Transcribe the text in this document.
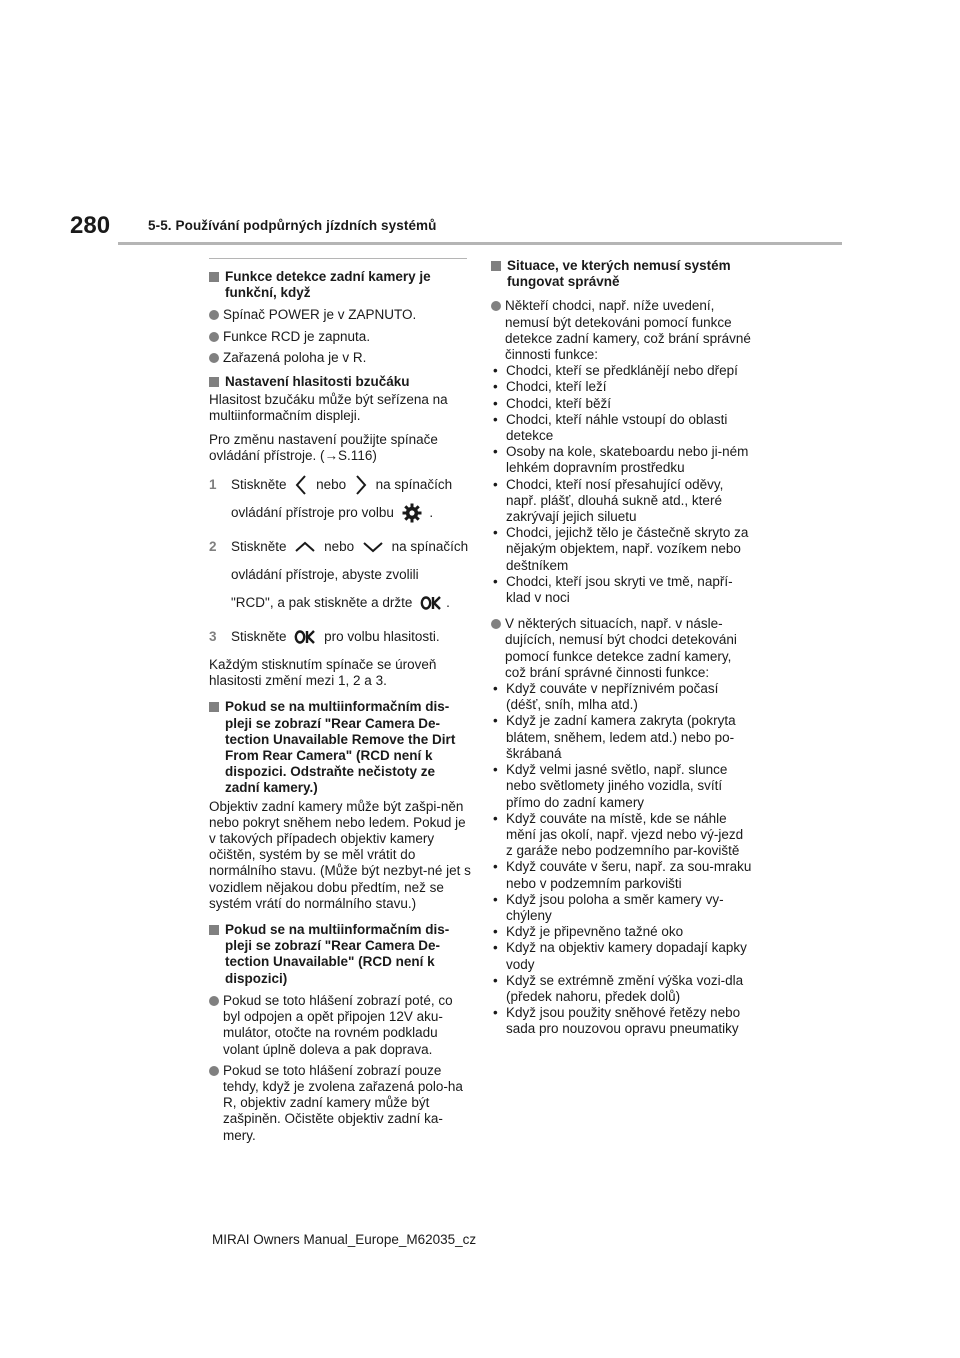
280	5-5. Používání podpůrných jízdních systémů
Funkce detekce zadní kamery je funkční, když
Spínač POWER je v ZAPNUTO.
Funkce RCD je zapnuta.
Zařazená poloha je v R.
Nastavení hlasitosti bzučáku

Hlasitost bzučáku může být seřízena na multiinformačním displeji.

Pro změnu nastavení použijte spínače ovládání přístroje. (→S.116)

1 Stiskněte nebo na spínačích
ovládání přístroje pro volbu	.
2 Stiskněte	nebo	na spínačích
ovládání přístroje, abyste zvolili
"RCD", a pak stiskněte a držte	.
3 Stiskněte	pro volbu hlasitosti.

Každým stisknutím spínače se úroveň hlasitosti změní mezi 1, 2 a 3.

Pokud se na multiinformačním dis-pleji se zobrazí "Rear Camera De-tection Unavailable Remove the Dirt From Rear Camera" (RCD není k dispozici. Odstraňte nečistoty ze zadní kamery.)

Objektiv zadní kamery může být zašpi-něn nebo pokryt sněhem nebo ledem. Pokud je v takových případech objektiv kamery očištěn, systém by se měl vrátit do normálního stavu. (Může být nezbyt-né jet s vozidlem nějakou dobu předtím, než se systém vrátí do normálního stavu.)

Pokud se na multiinformačním dis-pleji se zobrazí "Rear Camera De-tection Unavailable" (RCD není k dispozici)
Pokud se toto hlášení zobrazí poté, co byl odpojen a opět připojen 12V aku-mulátor, otočte na rovném podkladu volant úplně doleva a pak doprava.
Pokud se toto hlášení zobrazí pouze tehdy, když je zvolena zařazená polo-ha R, objektiv zadní kamery může být zašpiněn. Očistěte objektiv zadní ka-mery.
Situace, ve kterých nemusí systém fungovat správně
Někteří chodci, např. níže uvedení, nemusí být detekováni pomocí funkce detekce zadní kamery, což brání správné činnosti funkce:
• Chodci, kteří se předklánějí nebo dřepí
• Chodci, kteří leží
• Chodci, kteří běží
• Chodci, kteří náhle vstoupí do oblasti detekce
• Osoby na kole, skateboardu nebo ji-ném lehkém dopravním prostředku
• Chodci, kteří nosí přesahující oděvy, např. plášť, dlouhá sukně atd., které zakrývají jejich siluetu
• Chodci, jejichž tělo je částečně skryto za nějakým objektem, např. vozíkem nebo deštníkem
• Chodci, kteří jsou skryti ve tmě, napří-klad v noci
V některých situacích, např. v násle-dujících, nemusí být chodci detekováni pomocí funkce detekce zadní kamery, což brání správné činnosti funkce:
• Když couváte v nepříznivém počasí (déšť, sníh, mlha atd.)
• Když je zadní kamera zakryta (pokryta blátem, sněhem, ledem atd.) nebo po-škrábaná
• Když velmi jasné světlo, např. slunce nebo světlomety jiného vozidla, svítí přímo do zadní kamery
• Když couváte na místě, kde se náhle mění jas okolí, např. vjezd nebo vý-jezd z garáže nebo podzemního par-koviště
• Když couváte v šeru, např. za sou-mraku nebo v podzemním parkovišti
• Když jsou poloha a směr kamery vy-chýleny
• Když je připevněno tažné oko
• Když na objektiv kamery dopadají kapky vody
• Když se extrémně změní výška vozi-dla (předek nahoru, předek dolů)
• Když jsou použity sněhové řetězy nebo sada pro nouzovou opravu pneumatiky
MIRAI Owners Manual_Europe_M62035_cz
